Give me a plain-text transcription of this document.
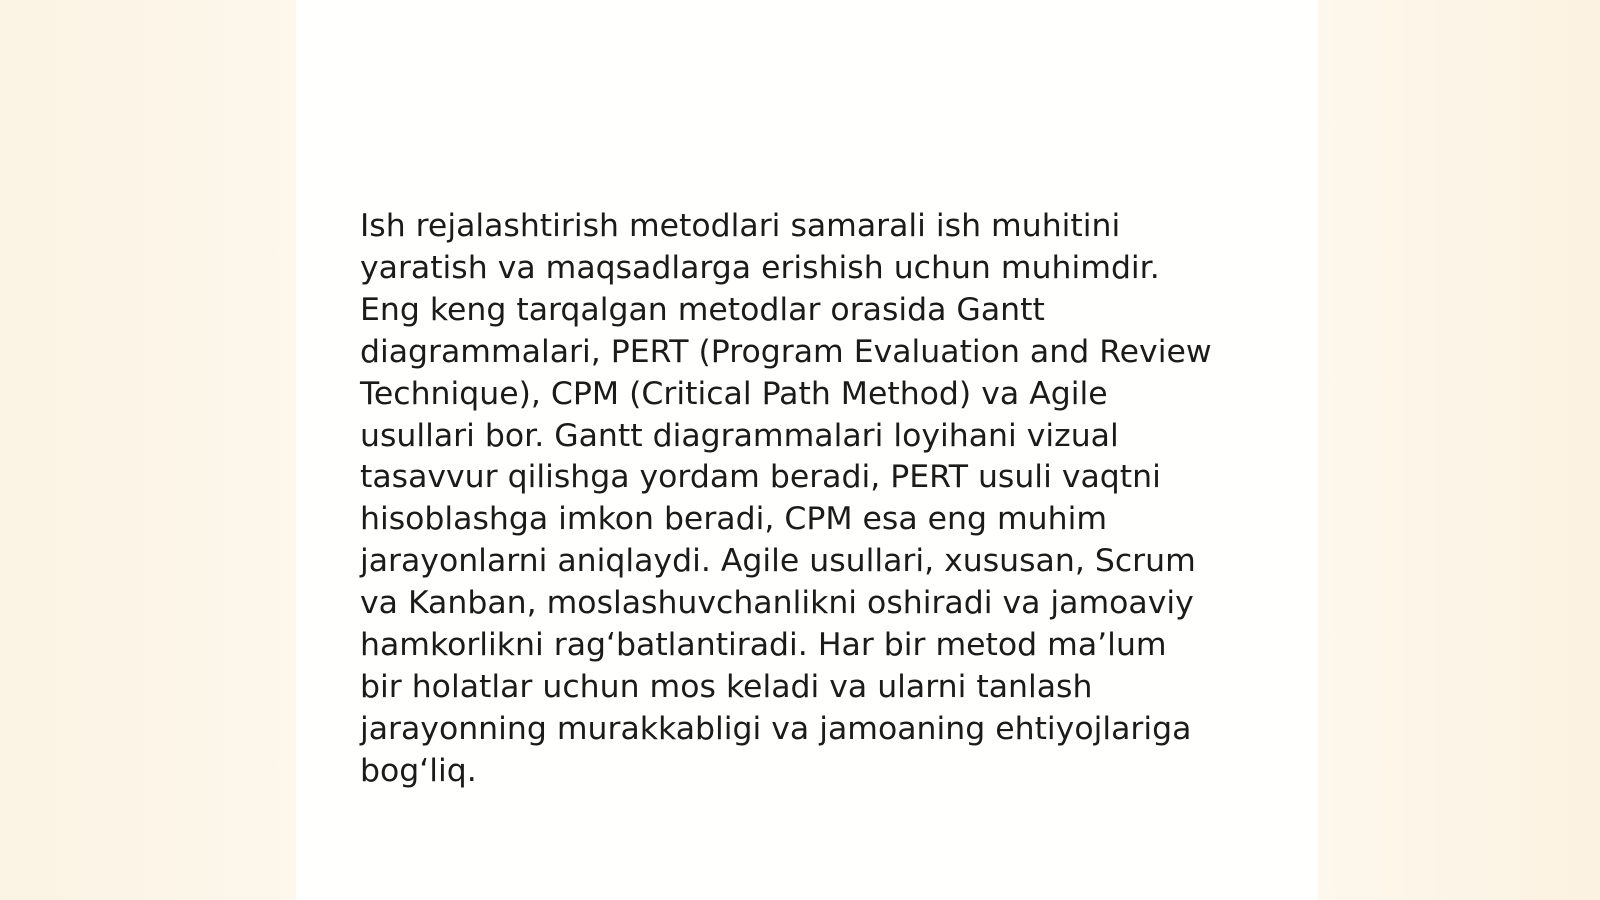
Ish rejalashtirish metodlari samarali ish muhitini
yaratish va maqsadlarga erishish uchun muhimdir.
Eng keng tarqalgan metodlar orasida Gantt
diagrammalari, PERT (Program Evaluation and Review
Technique), CPM (Critical Path Method) va Agile
usullari bor. Gantt diagrammalari loyihani vizual
tasavvur qilishga yordam beradi, PERT usuli vaqtni
hisoblashga imkon beradi, CPM esa eng muhim
jarayonlarni aniqlaydi. Agile usullari, xususan, Scrum
va Kanban, moslashuvchanlikni oshiradi va jamoaviy
hamkorlikni rag‘batlantiradi. Har bir metod ma’lum
bir holatlar uchun mos keladi va ularni tanlash
jarayonning murakkabligi va jamoaning ehtiyojlariga
bog‘liq.
